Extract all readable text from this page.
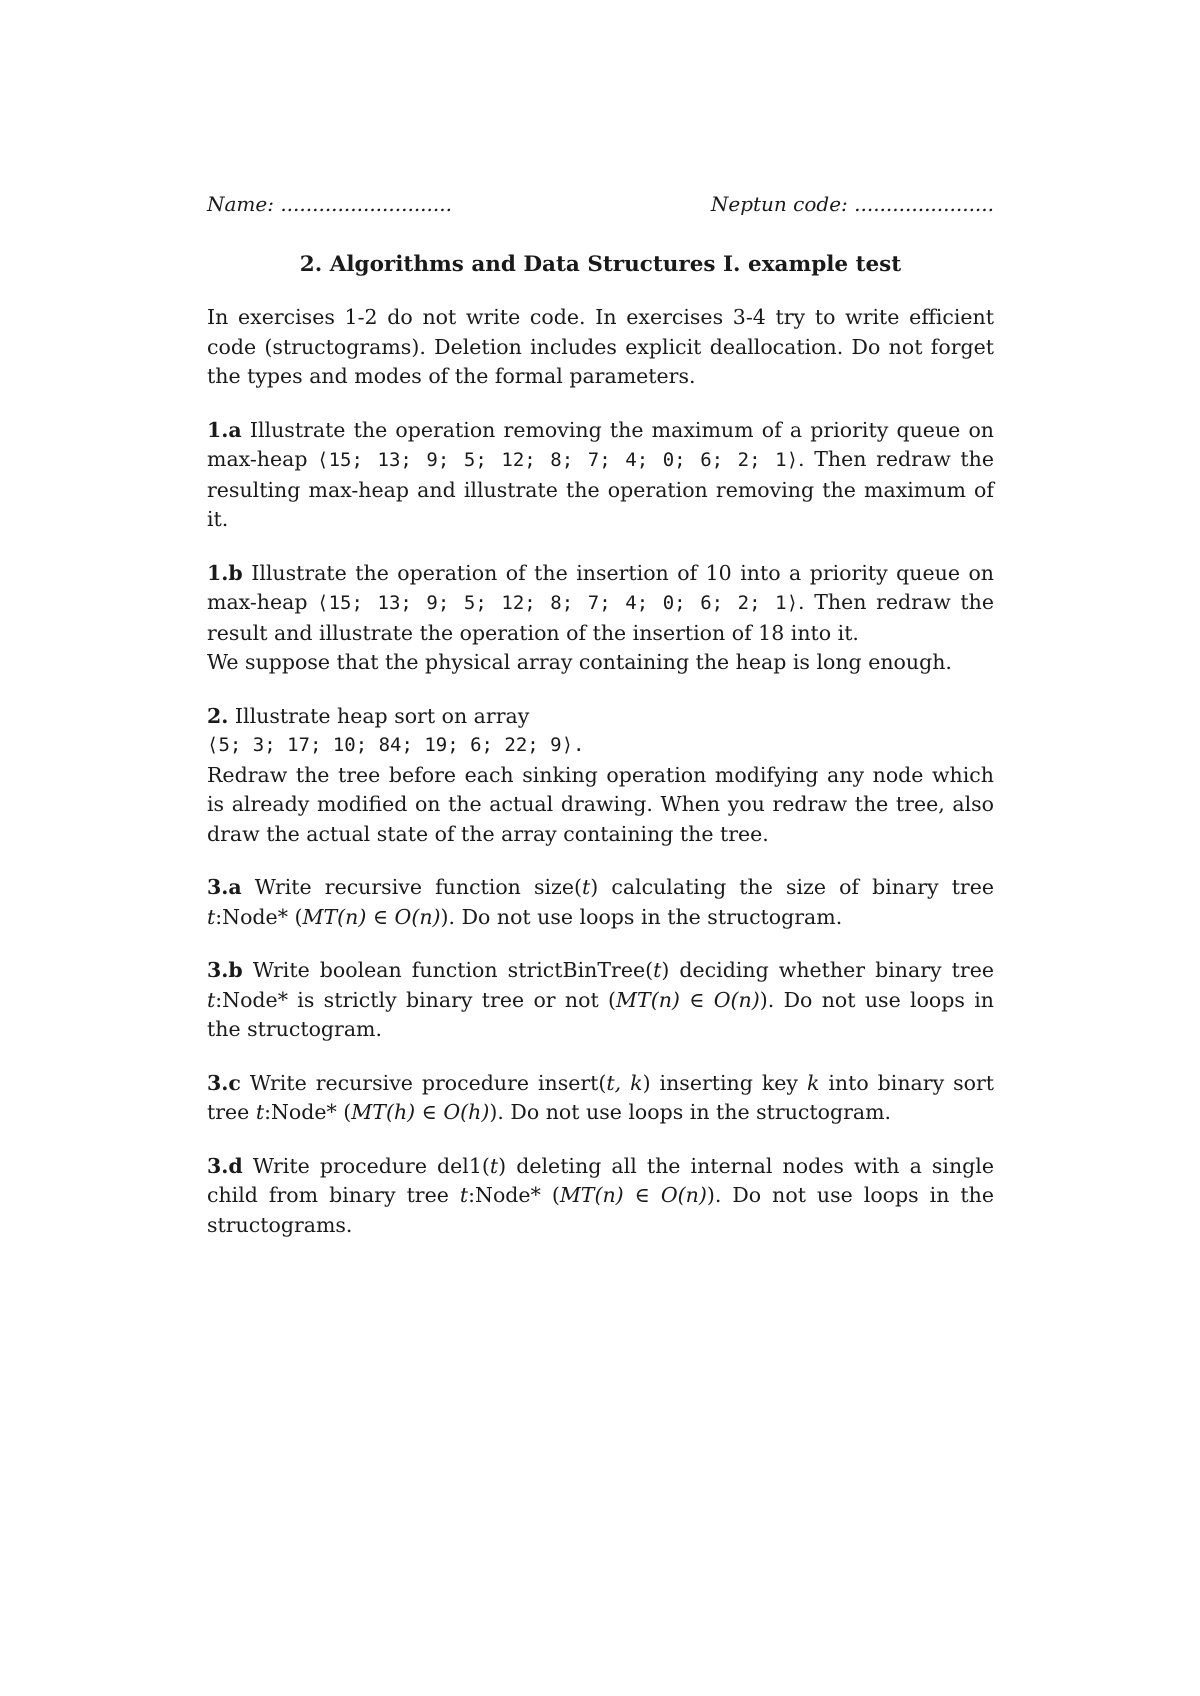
Name: ...........................	Neptun code: ......................
2. Algorithms and Data Structures I. example test

In exercises 1-2 do not write code. In exercises 3-4 try to write efficient code (structograms). Deletion includes explicit deallocation. Do not forget the types and modes of the formal parameters.

1.a Illustrate the operation removing the maximum of a priority queue on max-heap ⟨15; 13; 9; 5; 12; 8; 7; 4; 0; 6; 2; 1⟩. Then redraw the resulting max-heap and illustrate the operation removing the maximum of it.

1.b Illustrate the operation of the insertion of 10 into a priority queue on max-heap ⟨15; 13; 9; 5; 12; 8; 7; 4; 0; 6; 2; 1⟩. Then redraw the result and illustrate the operation of the insertion of 18 into it.
We suppose that the physical array containing the heap is long enough.

2. Illustrate heap sort on array
⟨5; 3; 17; 10; 84; 19; 6; 22; 9⟩.
Redraw the tree before each sinking operation modifying any node which is already modified on the actual drawing. When you redraw the tree, also draw the actual state of the array containing the tree.

3.a Write recursive function size(t) calculating the size of binary tree t:Node* (MT(n) ∈ O(n)). Do not use loops in the structogram.

3.b Write boolean function strictBinTree(t) deciding whether binary tree t:Node* is strictly binary tree or not (MT(n) ∈ O(n)). Do not use loops in the structogram.

3.c Write recursive procedure insert(t, k) inserting key k into binary sort tree t:Node* (MT(h) ∈ O(h)). Do not use loops in the structogram.

3.d Write procedure del1(t) deleting all the internal nodes with a single child from binary tree t:Node* (MT(n) ∈ O(n)). Do not use loops in the structograms.
